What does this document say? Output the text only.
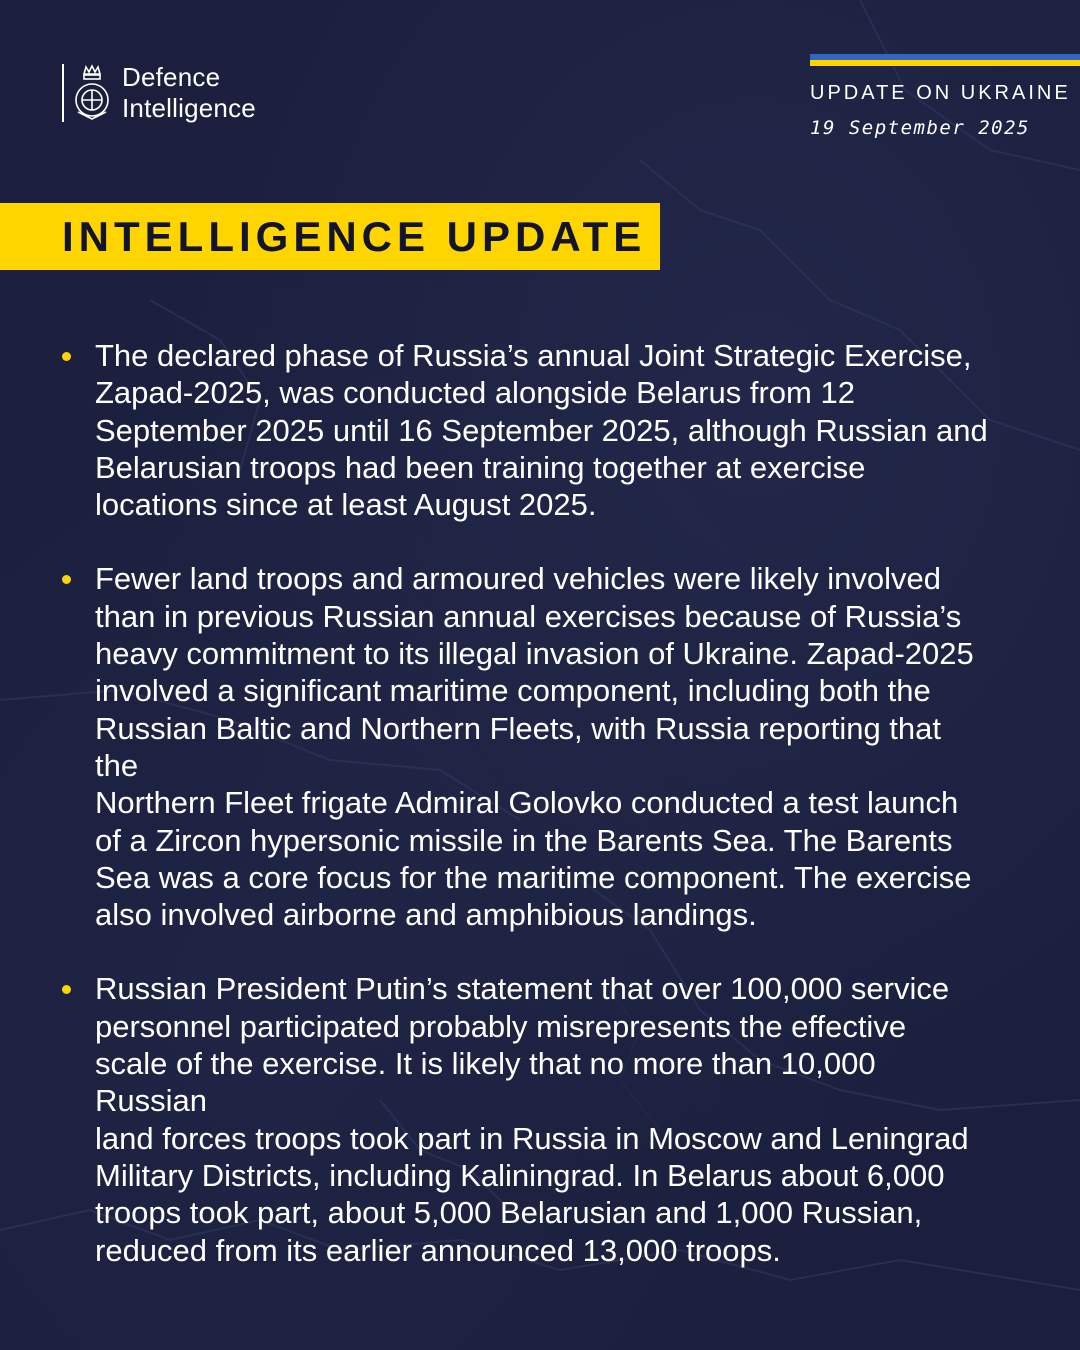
Defence
Intelligence	UPDATE ON UKRAINE
19 September 2025
INTELLIGENCE UPDATE
The declared phase of Russia’s annual Joint Strategic Exercise,
Zapad-2025, was conducted alongside Belarus from 12
September 2025 until 16 September 2025, although Russian and
Belarusian troops had been training together at exercise
locations since at least August 2025.
Fewer land troops and armoured vehicles were likely involved
than in previous Russian annual exercises because of Russia’s
heavy commitment to its illegal invasion of Ukraine. Zapad-2025
involved a significant maritime component, including both the
Russian Baltic and Northern Fleets, with Russia reporting that the
Northern Fleet frigate Admiral Golovko conducted a test launch
of a Zircon hypersonic missile in the Barents Sea. The Barents
Sea was a core focus for the maritime component. The exercise
also involved airborne and amphibious landings.
Russian President Putin’s statement that over 100,000 service
personnel participated probably misrepresents the effective
scale of the exercise. It is likely that no more than 10,000 Russian
land forces troops took part in Russia in Moscow and Leningrad
Military Districts, including Kaliningrad. In Belarus about 6,000
troops took part, about 5,000 Belarusian and 1,000 Russian,
reduced from its earlier announced 13,000 troops.
